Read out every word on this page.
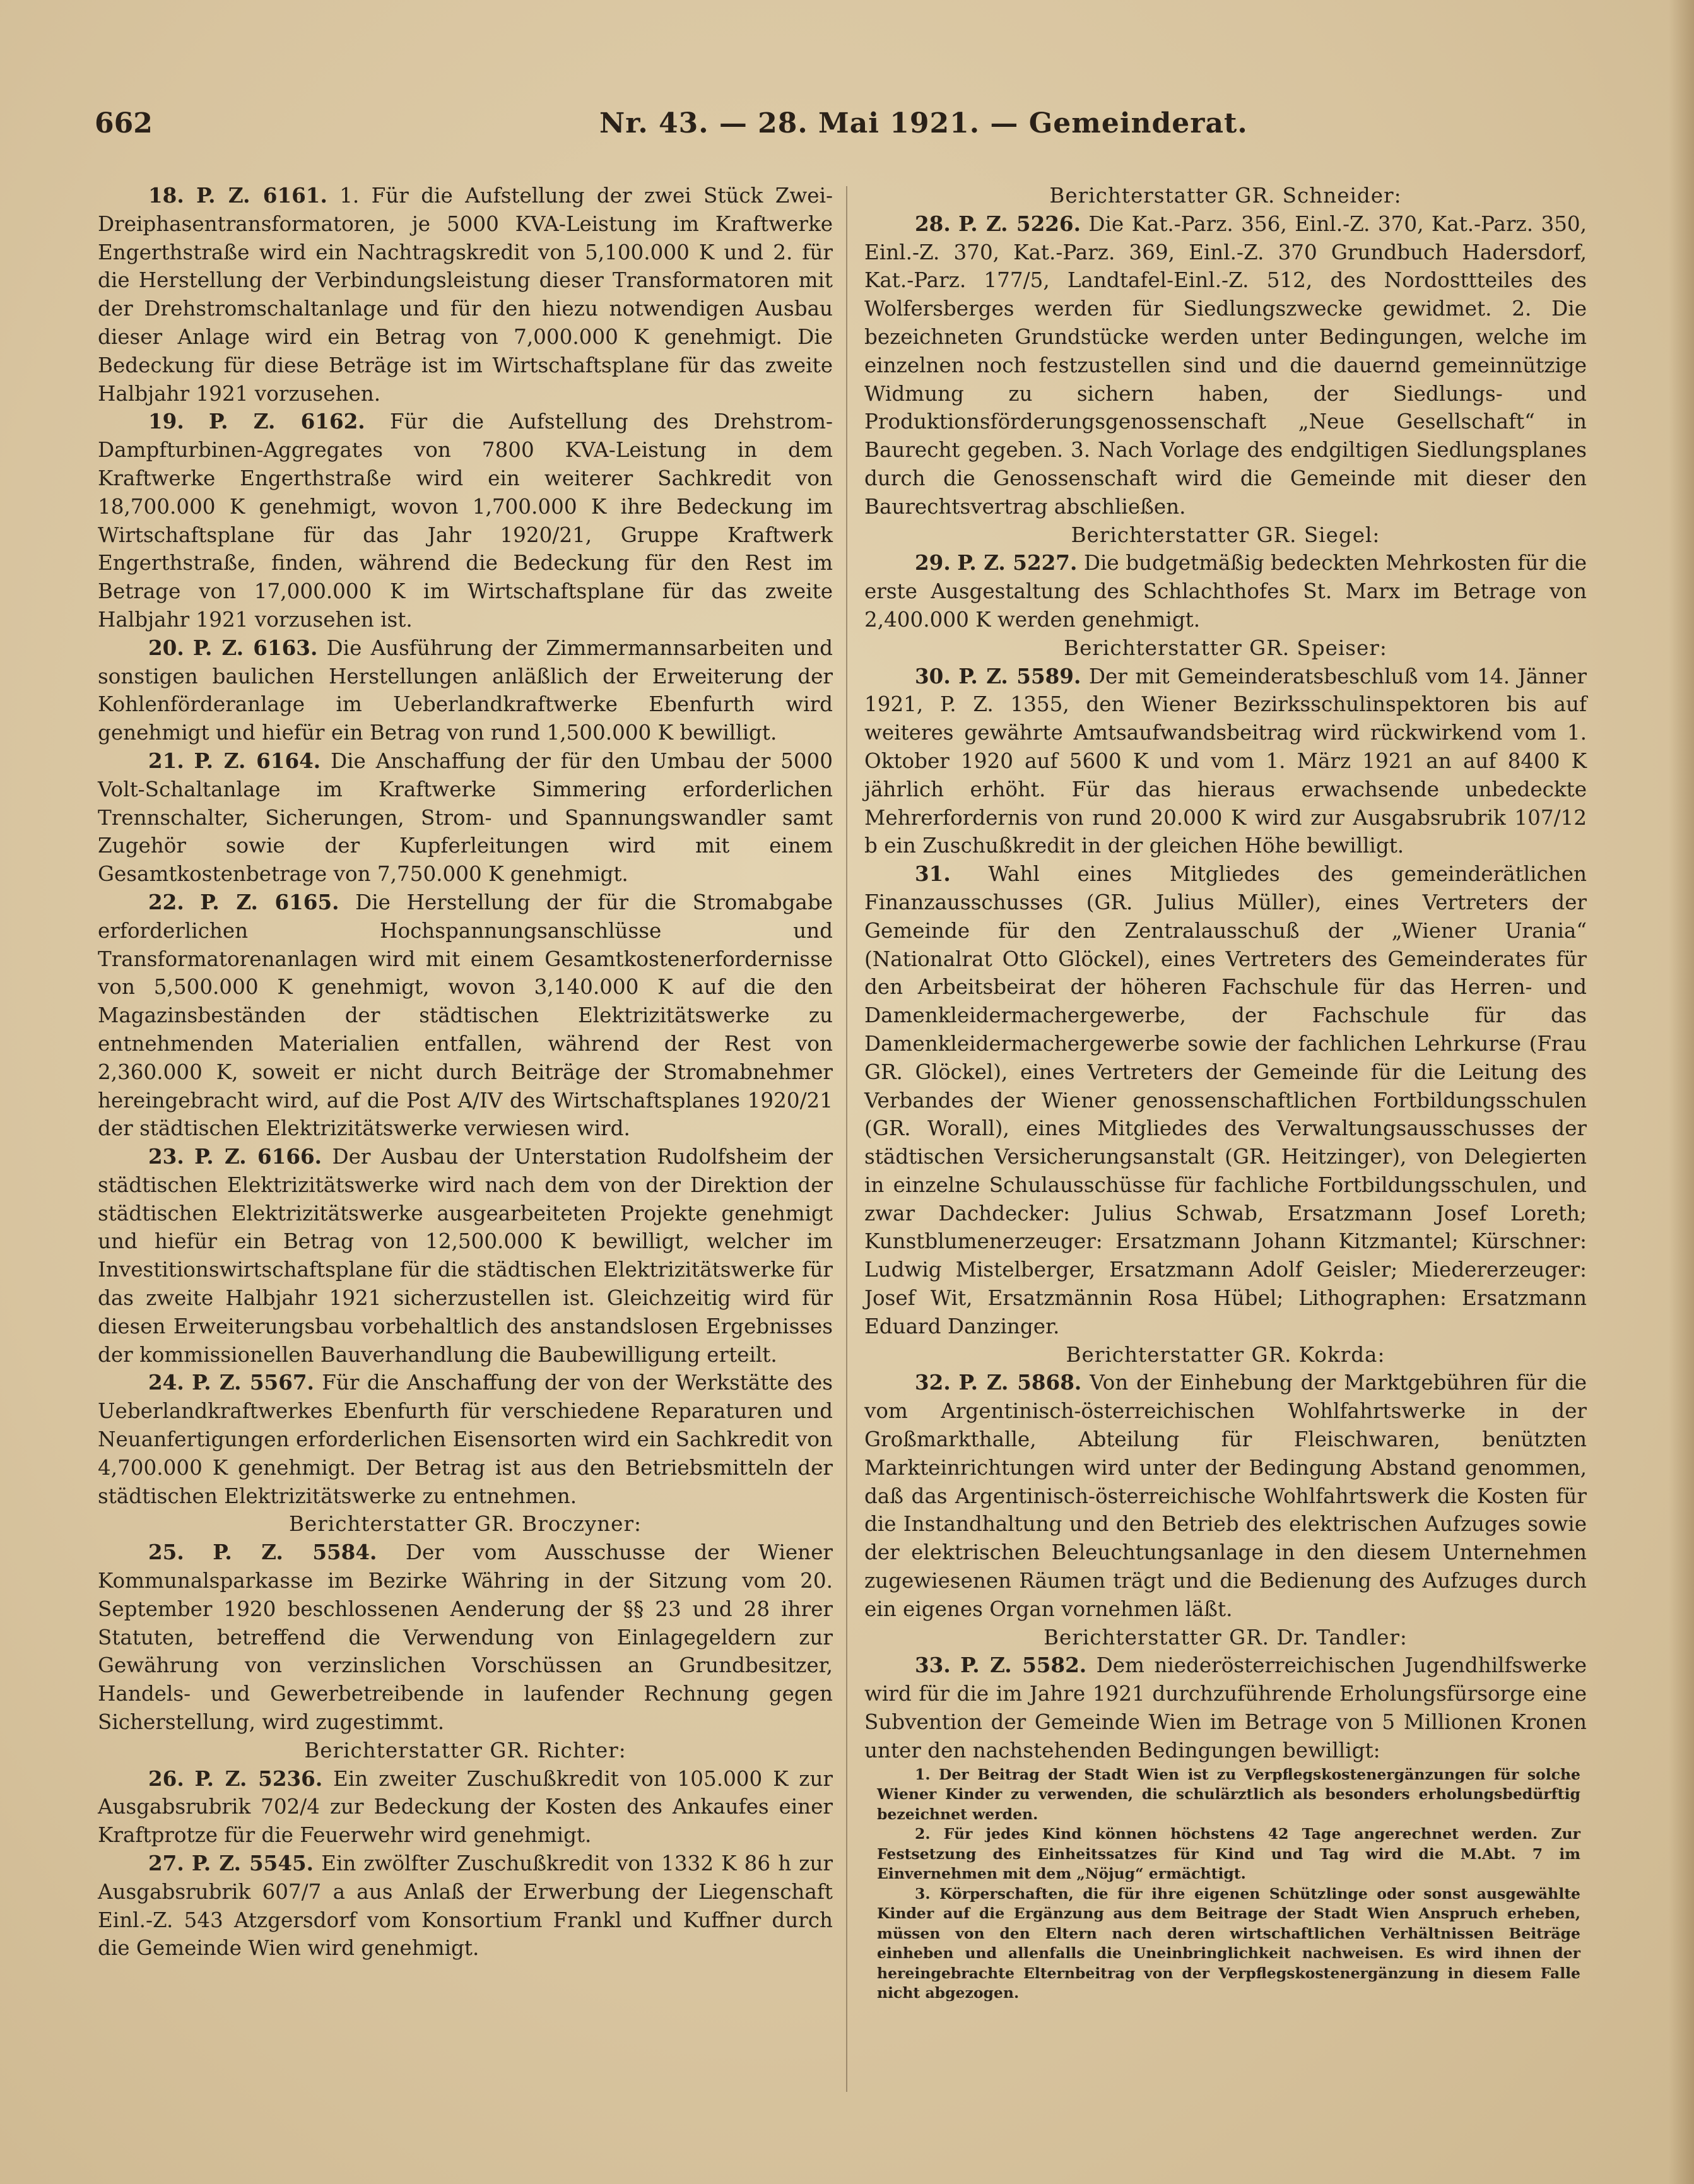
662	Nr. 43. — 28. Mai 1921. — Gemeinderat.

18. P. Z. 6161. 1. Für die Aufstellung der zwei Stück Zwei-Dreiphasentransformatoren, je 5000 KVA-Leistung im Kraftwerke Engerthstraße wird ein Nachtragskredit von 5,100.000 K und 2. für die Herstellung der Verbindungsleistung dieser Transformatoren mit der Drehstromschaltanlage und für den hiezu notwendigen Ausbau dieser Anlage wird ein Betrag von 7,000.000 K genehmigt. Die Bedeckung für diese Beträge ist im Wirtschaftsplane für das zweite Halbjahr 1921 vorzusehen.

19. P. Z. 6162. Für die Aufstellung des Drehstrom-Dampfturbinen-Aggregates von 7800 KVA-Leistung in dem Kraftwerke Engerthstraße wird ein weiterer Sachkredit von 18,700.000 K genehmigt, wovon 1,700.000 K ihre Bedeckung im Wirtschaftsplane für das Jahr 1920/21, Gruppe Kraftwerk Engerthstraße, finden, während die Bedeckung für den Rest im Betrage von 17,000.000 K im Wirtschaftsplane für das zweite Halbjahr 1921 vorzusehen ist.

20. P. Z. 6163. Die Ausführung der Zimmermannsarbeiten und sonstigen baulichen Herstellungen anläßlich der Erweiterung der Kohlenförderanlage im Ueberlandkraftwerke Ebenfurth wird genehmigt und hiefür ein Betrag von rund 1,500.000 K bewilligt.

21. P. Z. 6164. Die Anschaffung der für den Umbau der 5000 Volt-Schaltanlage im Kraftwerke Simmering erforderlichen Trennschalter, Sicherungen, Strom- und Spannungswandler samt Zugehör sowie der Kupferleitungen wird mit einem Gesamtkostenbetrage von 7,750.000 K genehmigt.

22. P. Z. 6165. Die Herstellung der für die Stromabgabe erforderlichen Hochspannungsanschlüsse und Transformatorenanlagen wird mit einem Gesamtkostenerfordernisse von 5,500.000 K genehmigt, wovon 3,140.000 K auf die den Magazinsbeständen der städtischen Elektrizitätswerke zu entnehmenden Materialien entfallen, während der Rest von 2,360.000 K, soweit er nicht durch Beiträge der Stromabnehmer hereingebracht wird, auf die Post A/IV des Wirtschaftsplanes 1920/21 der städtischen Elektrizitätswerke verwiesen wird.

23. P. Z. 6166. Der Ausbau der Unterstation Rudolfsheim der städtischen Elektrizitätswerke wird nach dem von der Direktion der städtischen Elektrizitätswerke ausgearbeiteten Projekte genehmigt und hiefür ein Betrag von 12,500.000 K bewilligt, welcher im Investitionswirtschaftsplane für die städtischen Elektrizitätswerke für das zweite Halbjahr 1921 sicherzustellen ist. Gleichzeitig wird für diesen Erweiterungsbau vorbehaltlich des anstandslosen Ergebnisses der kommissionellen Bauverhandlung die Baubewilligung erteilt.

24. P. Z. 5567. Für die Anschaffung der von der Werkstätte des Ueberlandkraftwerkes Ebenfurth für verschiedene Reparaturen und Neuanfertigungen erforderlichen Eisensorten wird ein Sachkredit von 4,700.000 K genehmigt. Der Betrag ist aus den Betriebsmitteln der städtischen Elektrizitätswerke zu entnehmen.

Berichterstatter GR. Broczyner:

25. P. Z. 5584. Der vom Ausschusse der Wiener Kommunalsparkasse im Bezirke Währing in der Sitzung vom 20. September 1920 beschlossenen Aenderung der §§ 23 und 28 ihrer Statuten, betreffend die Verwendung von Einlagegeldern zur Gewährung von verzinslichen Vorschüssen an Grundbesitzer, Handels- und Gewerbetreibende in laufender Rechnung gegen Sicherstellung, wird zugestimmt.

Berichterstatter GR. Richter:

26. P. Z. 5236. Ein zweiter Zuschußkredit von 105.000 K zur Ausgabsrubrik 702/4 zur Bedeckung der Kosten des Ankaufes einer Kraftprotze für die Feuerwehr wird genehmigt.

27. P. Z. 5545. Ein zwölfter Zuschußkredit von 1332 K 86 h zur Ausgabsrubrik 607/7 a aus Anlaß der Erwerbung der Liegenschaft Einl.-Z. 543 Atzgersdorf vom Konsortium Frankl und Kuffner durch die Gemeinde Wien wird genehmigt.

Berichterstatter GR. Schneider:

28. P. Z. 5226. Die Kat.-Parz. 356, Einl.-Z. 370, Kat.-Parz. 350, Einl.-Z. 370, Kat.-Parz. 369, Einl.-Z. 370 Grundbuch Hadersdorf, Kat.-Parz. 177/5, Landtafel-Einl.-Z. 512, des Nordosttteiles des Wolfersberges werden für Siedlungszwecke gewidmet. 2. Die bezeichneten Grundstücke werden unter Bedingungen, welche im einzelnen noch festzustellen sind und die dauernd gemeinnützige Widmung zu sichern haben, der Siedlungs- und Produktionsförderungsgenossenschaft „Neue Gesellschaft“ in Baurecht gegeben. 3. Nach Vorlage des endgiltigen Siedlungsplanes durch die Genossenschaft wird die Gemeinde mit dieser den Baurechtsvertrag abschließen.

Berichterstatter GR. Siegel:

29. P. Z. 5227. Die budgetmäßig bedeckten Mehrkosten für die erste Ausgestaltung des Schlachthofes St. Marx im Betrage von 2,400.000 K werden genehmigt.

Berichterstatter GR. Speiser:

30. P. Z. 5589. Der mit Gemeinderatsbeschluß vom 14. Jänner 1921, P. Z. 1355, den Wiener Bezirksschulinspektoren bis auf weiteres gewährte Amtsaufwandsbeitrag wird rückwirkend vom 1. Oktober 1920 auf 5600 K und vom 1. März 1921 an auf 8400 K jährlich erhöht. Für das hieraus erwachsende unbedeckte Mehrerfordernis von rund 20.000 K wird zur Ausgabsrubrik 107/12 b ein Zuschußkredit in der gleichen Höhe bewilligt.

31. Wahl eines Mitgliedes des gemeinderätlichen Finanzausschusses (GR. Julius Müller), eines Vertreters der Gemeinde für den Zentralausschuß der „Wiener Urania“ (Nationalrat Otto Glöckel), eines Vertreters des Gemeinderates für den Arbeitsbeirat der höheren Fachschule für das Herren- und Damenkleidermachergewerbe, der Fachschule für das Damenkleidermachergewerbe sowie der fachlichen Lehrkurse (Frau GR. Glöckel), eines Vertreters der Gemeinde für die Leitung des Verbandes der Wiener genossenschaftlichen Fortbildungsschulen (GR. Worall), eines Mitgliedes des Verwaltungsausschusses der städtischen Versicherungsanstalt (GR. Heitzinger), von Delegierten in einzelne Schulausschüsse für fachliche Fortbildungsschulen, und zwar Dachdecker: Julius Schwab, Ersatzmann Josef Loreth; Kunstblumenerzeuger: Ersatzmann Johann Kitzmantel; Kürschner: Ludwig Mistelberger, Ersatzmann Adolf Geisler; Miedererzeuger: Josef Wit, Ersatzmännin Rosa Hübel; Lithographen: Ersatzmann Eduard Danzinger.

Berichterstatter GR. Kokrda:

32. P. Z. 5868. Von der Einhebung der Marktgebühren für die vom Argentinisch-österreichischen Wohlfahrtswerke in der Großmarkthalle, Abteilung für Fleischwaren, benützten Markteinrichtungen wird unter der Bedingung Abstand genommen, daß das Argentinisch-österreichische Wohlfahrtswerk die Kosten für die Instandhaltung und den Betrieb des elektrischen Aufzuges sowie der elektrischen Beleuchtungsanlage in den diesem Unternehmen zugewiesenen Räumen trägt und die Bedienung des Aufzuges durch ein eigenes Organ vornehmen läßt.

Berichterstatter GR. Dr. Tandler:

33. P. Z. 5582. Dem niederösterreichischen Jugendhilfswerke wird für die im Jahre 1921 durchzuführende Erholungsfürsorge eine Subvention der Gemeinde Wien im Betrage von 5 Millionen Kronen unter den nachstehenden Bedingungen bewilligt:

1. Der Beitrag der Stadt Wien ist zu Verpflegskostenergänzungen für solche Wiener Kinder zu verwenden, die schulärztlich als besonders erholungsbedürftig bezeichnet werden.

2. Für jedes Kind können höchstens 42 Tage angerechnet werden. Zur Festsetzung des Einheitssatzes für Kind und Tag wird die M.Abt. 7 im Einvernehmen mit dem „Nöjug“ ermächtigt.

3. Körperschaften, die für ihre eigenen Schützlinge oder sonst ausgewählte Kinder auf die Ergänzung aus dem Beitrage der Stadt Wien Anspruch erheben, müssen von den Eltern nach deren wirtschaftlichen Verhältnissen Beiträge einheben und allenfalls die Uneinbringlichkeit nachweisen. Es wird ihnen der hereingebrachte Elternbeitrag von der Verpflegskostenergänzung in diesem Falle nicht abgezogen.
